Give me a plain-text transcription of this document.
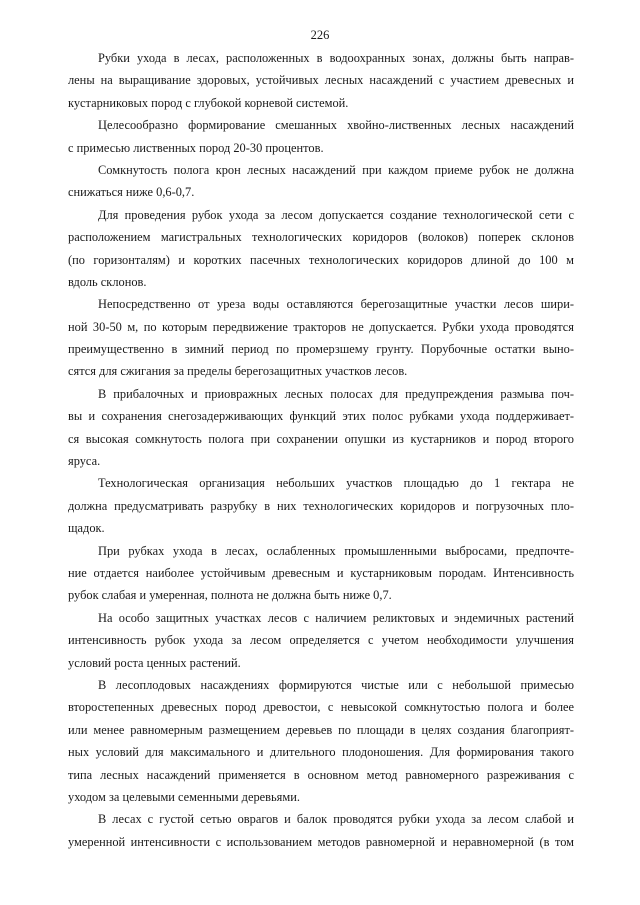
226
Рубки ухода в лесах, расположенных в водоохранных зонах, должны быть направ-
лены на выращивание здоровых, устойчивых лесных насаждений с участием древесных и
кустарниковых пород с глубокой корневой системой.
Целесообразно формирование смешанных хвойно-лиственных лесных насаждений
с примесью лиственных пород 20-30 процентов.
Сомкнутость полога крон лесных насаждений при каждом приеме рубок не должна
снижаться ниже 0,6-0,7.
Для проведения рубок ухода за лесом допускается создание технологической сети с
расположением магистральных технологических коридоров (волоков) поперек склонов
(по горизонталям) и коротких пасечных технологических коридоров длиной до 100 м
вдоль склонов.
Непосредственно от уреза воды оставляются берегозащитные участки лесов шири-
ной 30-50 м, по которым передвижение тракторов не допускается. Рубки ухода проводятся
преимущественно в зимний период по промерзшему грунту. Порубочные остатки выно-
сятся для сжигания за пределы берегозащитных участков лесов.
В прибалочных и приовражных лесных полосах для предупреждения размыва поч-
вы и сохранения снегозадерживающих функций этих полос рубками ухода поддерживает-
ся высокая сомкнутость полога при сохранении опушки из кустарников и пород второго
яруса.
Технологическая организация небольших участков площадью до 1 гектара не
должна предусматривать разрубку в них технологических коридоров и погрузочных пло-
щадок.
При рубках ухода в лесах, ослабленных промышленными выбросами, предпочте-
ние отдается наиболее устойчивым древесным и кустарниковым породам. Интенсивность
рубок слабая и умеренная, полнота не должна быть ниже 0,7.
На особо защитных участках лесов с наличием реликтовых и эндемичных растений
интенсивность рубок ухода за лесом определяется с учетом необходимости улучшения
условий роста ценных растений.
В лесоплодовых насаждениях формируются чистые или с небольшой примесью
второстепенных древесных пород древостои, с невысокой сомкнутостью полога и более
или менее равномерным размещением деревьев по площади в целях создания благоприят-
ных условий для максимального и длительного плодоношения. Для формирования такого
типа лесных насаждений применяется в основном метод равномерного разреживания с
уходом за целевыми семенными деревьями.
В лесах с густой сетью оврагов и балок проводятся рубки ухода за лесом слабой и
умеренной интенсивности с использованием методов равномерной и неравномерной (в том
